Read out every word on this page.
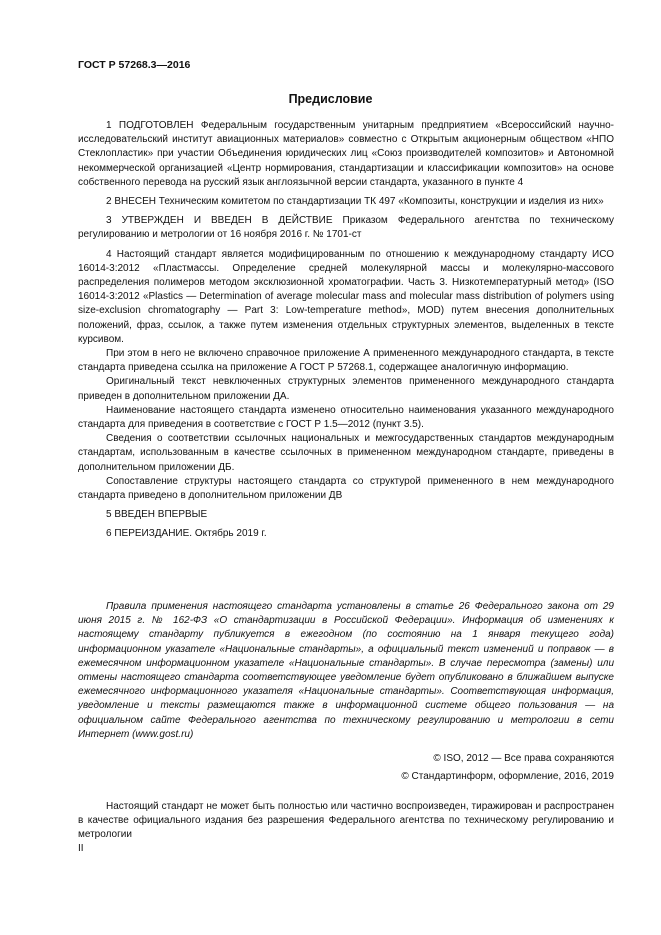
ГОСТ Р 57268.3—2016
Предисловие

1 ПОДГОТОВЛЕН Федеральным государственным унитарным предприятием «Всероссийский научно-исследовательский институт авиационных материалов» совместно с Открытым акционерным обществом «НПО Стеклопластик» при участии Объединения юридических лиц «Союз производителей композитов» и Автономной некоммерческой организацией «Центр нормирования, стандартизации и классификации композитов» на основе собственного перевода на русский язык англоязычной версии стандарта, указанного в пункте 4

2 ВНЕСЕН Техническим комитетом по стандартизации ТК 497 «Композиты, конструкции и изделия из них»

3 УТВЕРЖДЕН И ВВЕДЕН В ДЕЙСТВИЕ Приказом Федерального агентства по техническому регулированию и метрологии от 16 ноября 2016 г. № 1701-ст

4 Настоящий стандарт является модифицированным по отношению к международному стандарту ИСО 16014-3:2012 «Пластмассы. Определение средней молекулярной массы и молекулярно-массового распределения полимеров методом эксклюзионной хроматографии. Часть 3. Низкотемпературный метод» (ISO 16014-3:2012 «Plastics — Determination of average molecular mass and molecular mass distribution of polymers using size-exclusion chromatography — Part 3: Low-temperature method», MOD) путем внесения дополнительных положений, фраз, ссылок, а также путем изменения отдельных структурных элементов, выделенных в тексте курсивом.

При этом в него не включено справочное приложение А примененного международного стандарта, в тексте стандарта приведена ссылка на приложение А ГОСТ Р 57268.1, содержащее аналогичную информацию.

Оригинальный текст невключенных структурных элементов примененного международного стандарта приведен в дополнительном приложении ДА.

Наименование настоящего стандарта изменено относительно наименования указанного международного стандарта для приведения в соответствие с ГОСТ Р 1.5—2012 (пункт 3.5).

Сведения о соответствии ссылочных национальных и межгосударственных стандартов международным стандартам, использованным в качестве ссылочных в примененном международном стандарте, приведены в дополнительном приложении ДБ.

Сопоставление структуры настоящего стандарта со структурой примененного в нем международного стандарта приведено в дополнительном приложении ДВ

5 ВВЕДЕН ВПЕРВЫЕ

6 ПЕРЕИЗДАНИЕ. Октябрь 2019 г.

Правила применения настоящего стандарта установлены в статье 26 Федерального закона от 29 июня 2015 г. № 162-ФЗ «О стандартизации в Российской Федерации». Информация об изменениях к настоящему стандарту публикуется в ежегодном (по состоянию на 1 января текущего года) информационном указателе «Национальные стандарты», а официальный текст изменений и поправок — в ежемесячном информационном указателе «Национальные стандарты». В случае пересмотра (замены) или отмены настоящего стандарта соответствующее уведомление будет опубликовано в ближайшем выпуске ежемесячного информационного указателя «Национальные стандарты». Соответствующая информация, уведомление и тексты размещаются также в информационной системе общего пользования — на официальном сайте Федерального агентства по техническому регулированию и метрологии в сети Интернет (www.gost.ru)
© ISO, 2012 — Все права сохраняются
© Стандартинформ, оформление, 2016, 2019
Настоящий стандарт не может быть полностью или частично воспроизведен, тиражирован и распространен в качестве официального издания без разрешения Федерального агентства по техническому регулированию и метрологии
II
